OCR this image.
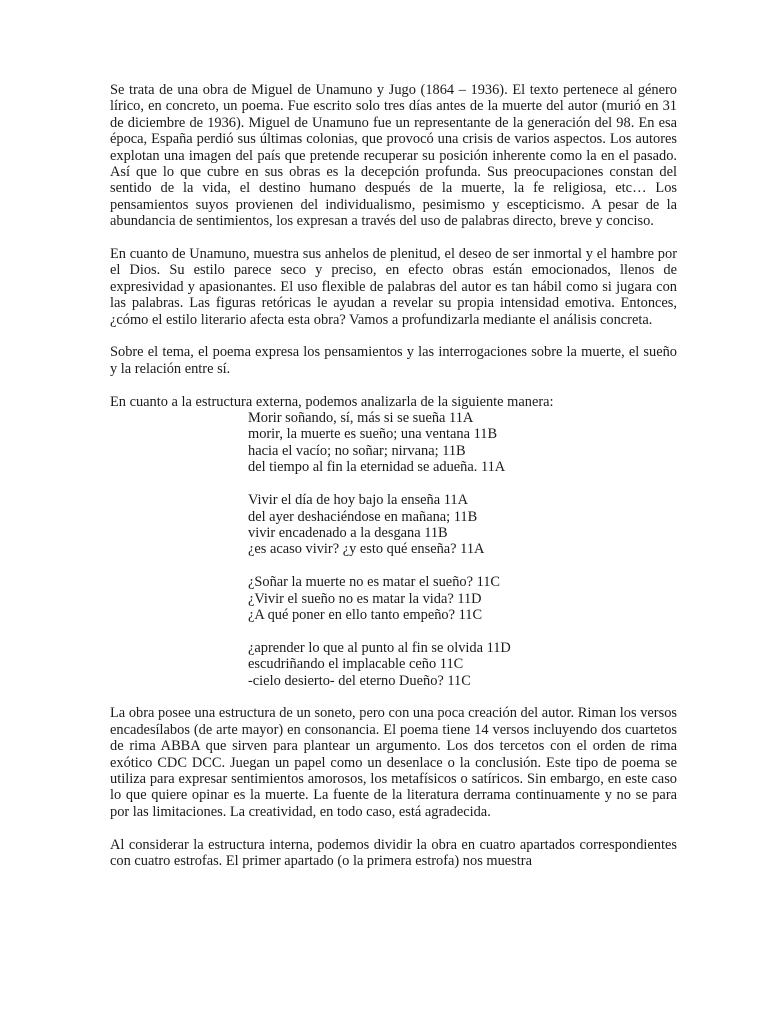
Se trata de una obra de Miguel de Unamuno y Jugo (1864 – 1936). El texto pertenece al género lírico, en concreto, un poema. Fue escrito solo tres días antes de la muerte del autor (murió en 31 de diciembre de 1936). Miguel de Unamuno fue un representante de la generación del 98. En esa época, España perdió sus últimas colonias, que provocó una crisis de varios aspectos. Los autores explotan una imagen del país que pretende recuperar su posición inherente como la en el pasado. Así que lo que cubre en sus obras es la decepción profunda. Sus preocupaciones constan del sentido de la vida, el destino humano después de la muerte, la fe religiosa, etc… Los pensamientos suyos provienen del individualismo, pesimismo y escepticismo. A pesar de la abundancia de sentimientos, los expresan a través del uso de palabras directo, breve y conciso.

En cuanto de Unamuno, muestra sus anhelos de plenitud, el deseo de ser inmortal y el hambre por el Dios. Su estilo parece seco y preciso, en efecto obras están emocionados, llenos de expresividad y apasionantes. El uso flexible de palabras del autor es tan hábil como si jugara con las palabras. Las figuras retóricas le ayudan a revelar su propia intensidad emotiva. Entonces, ¿cómo el estilo literario afecta esta obra? Vamos a profundizarla mediante el análisis concreta.

Sobre el tema, el poema expresa los pensamientos y las interrogaciones sobre la muerte, el sueño y la relación entre sí.

En cuanto a la estructura externa, podemos analizarla de la siguiente manera:

Morir soñando, sí, más si se sueña 11A
morir, la muerte es sueño; una ventana 11B
hacia el vacío; no soñar; nirvana; 11B
del tiempo al fin la eternidad se adueña. 11A
Vivir el día de hoy bajo la enseña 11A
del ayer deshaciéndose en mañana; 11B
vivir encadenado a la desgana 11B
¿es acaso vivir? ¿y esto qué enseña? 11A
¿Soñar la muerte no es matar el sueño? 11C
¿Vivir el sueño no es matar la vida? 11D
¿A qué poner en ello tanto empeño? 11C
¿aprender lo que al punto al fin se olvida 11D
escudriñando el implacable ceño 11C
-cielo desierto- del eterno Dueño? 11C

La obra posee una estructura de un soneto, pero con una poca creación del autor. Riman los versos encadesílabos (de arte mayor) en consonancia. El poema tiene 14 versos incluyendo dos cuartetos de rima ABBA que sirven para plantear un argumento. Los dos tercetos con el orden de rima exótico CDC DCC. Juegan un papel como un desenlace o la conclusión. Este tipo de poema se utiliza para expresar sentimientos amorosos, los metafísicos o satíricos. Sin embargo, en este caso lo que quiere opinar es la muerte. La fuente de la literatura derrama continuamente y no se para por las limitaciones. La creatividad, en todo caso, está agradecida.

Al considerar la estructura interna, podemos dividir la obra en cuatro apartados correspondientes con cuatro estrofas. El primer apartado (o la primera estrofa) nos muestra
